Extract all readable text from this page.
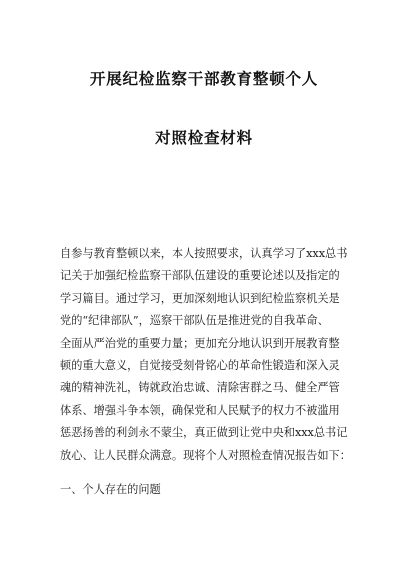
开展纪检监察干部教育整顿个人
对照检查材料
自参与教育整顿以来，本人按照要求，认真学习了xxx总书
记关于加强纪检监察干部队伍建设的重要论述以及指定的
学习篇目。通过学习，更加深刻地认识到纪检监察机关是
党的“纪律部队”，巡察干部队伍是推进党的自我革命、
全面从严治党的重要力量；更加充分地认识到开展教育整
顿的重大意义，自觉接受刻骨铭心的革命性锻造和深入灵
魂的精神洗礼，铸就政治忠诚、清除害群之马、健全严管
体系、增强斗争本领，确保党和人民赋予的权力不被滥用
惩恶扬善的利剑永不蒙尘，真正做到让党中央和xxx总书记
放心、让人民群众满意。现将个人对照检查情况报告如下：
一、个人存在的问题
